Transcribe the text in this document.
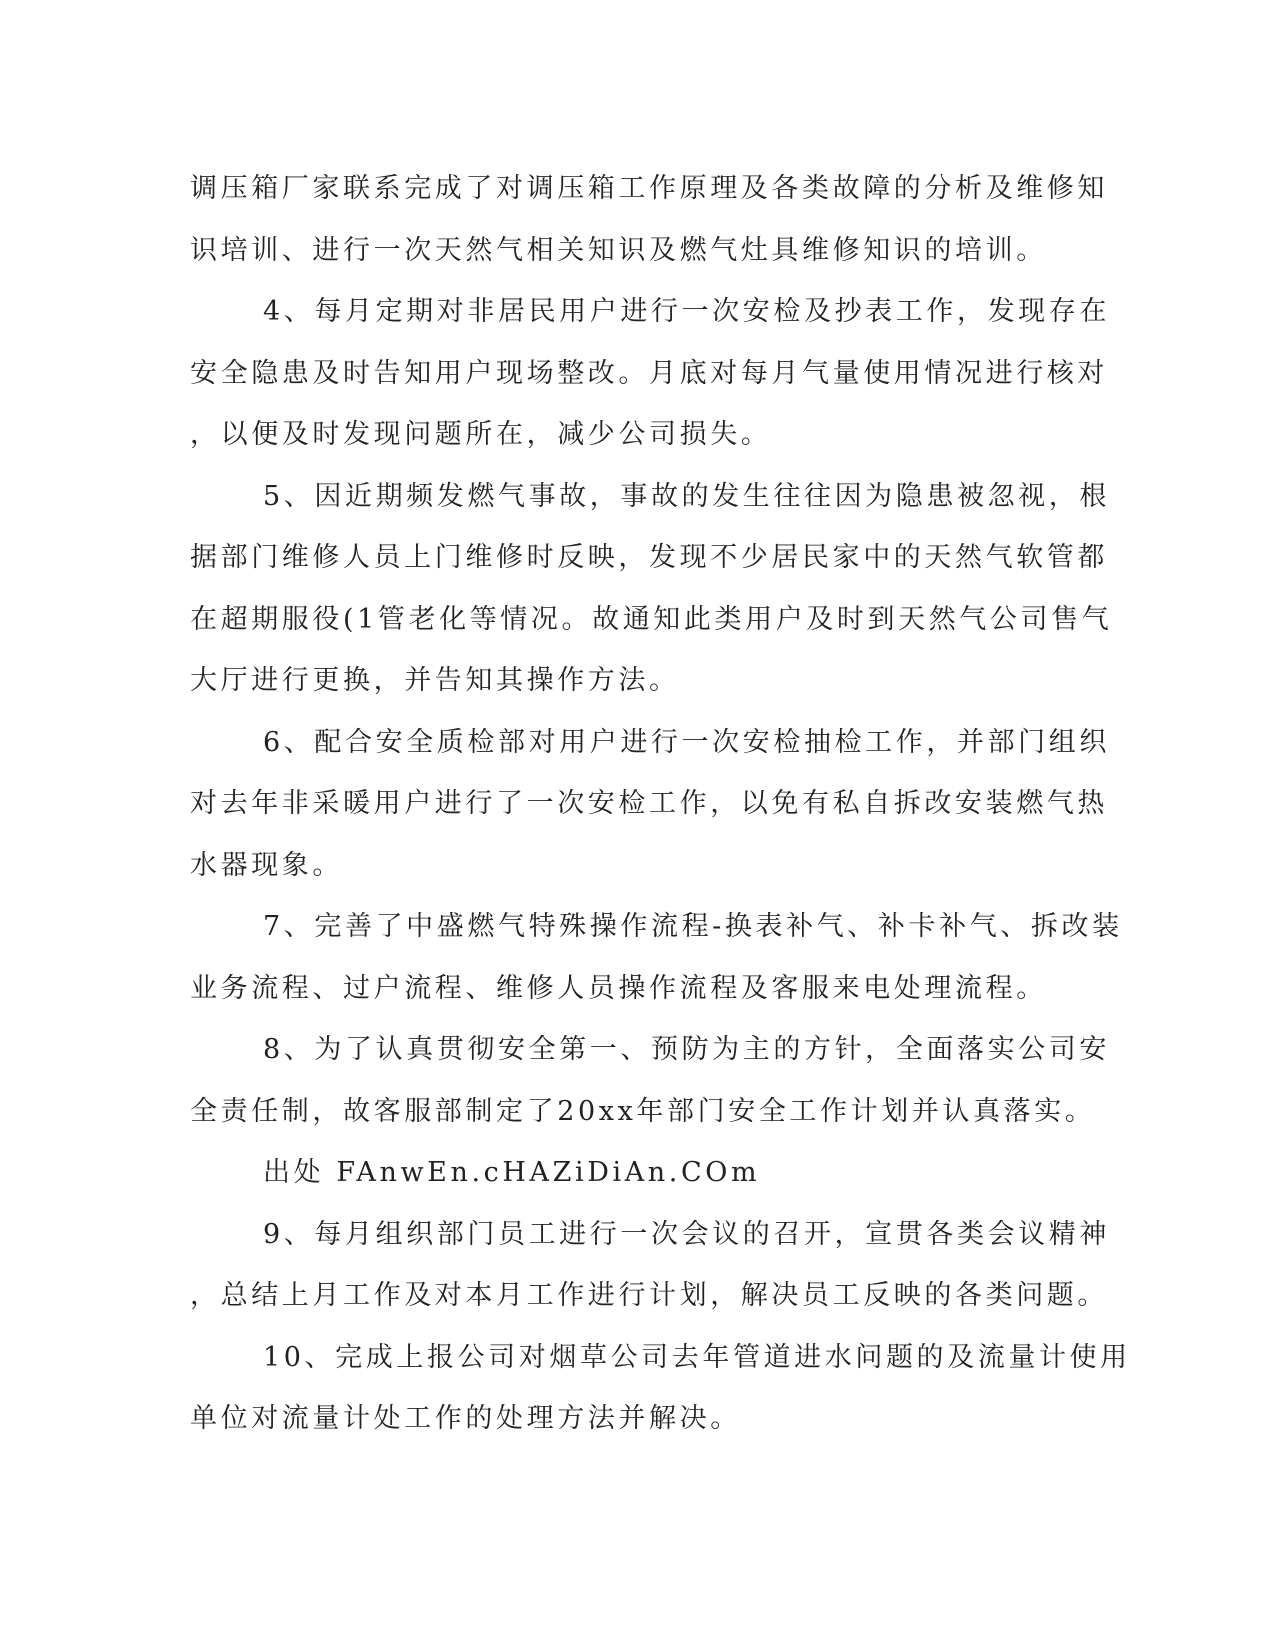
调压箱厂家联系完成了对调压箱工作原理及各类故障的分析及维修知
识培训、进行一次天然气相关知识及燃气灶具维修知识的培训。
4、每月定期对非居民用户进行一次安检及抄表工作，发现存在
安全隐患及时告知用户现场整改。月底对每月气量使用情况进行核对
，以便及时发现问题所在，减少公司损失。
5、因近期频发燃气事故，事故的发生往往因为隐患被忽视，根
据部门维修人员上门维修时反映，发现不少居民家中的天然气软管都
在超期服役(1管老化等情况。故通知此类用户及时到天然气公司售气
大厅进行更换，并告知其操作方法。
6、配合安全质检部对用户进行一次安检抽检工作，并部门组织
对去年非采暖用户进行了一次安检工作，以免有私自拆改安装燃气热
水器现象。
7、完善了中盛燃气特殊操作流程-换表补气、补卡补气、拆改装
业务流程、过户流程、维修人员操作流程及客服来电处理流程。
8、为了认真贯彻安全第一、预防为主的方针，全面落实公司安
全责任制，故客服部制定了20xx年部门安全工作计划并认真落实。
出处 FAnwEn.cHAZiDiAn.COm
9、每月组织部门员工进行一次会议的召开，宣贯各类会议精神
，总结上月工作及对本月工作进行计划，解决员工反映的各类问题。
10、完成上报公司对烟草公司去年管道进水问题的及流量计使用
单位对流量计处工作的处理方法并解决。
